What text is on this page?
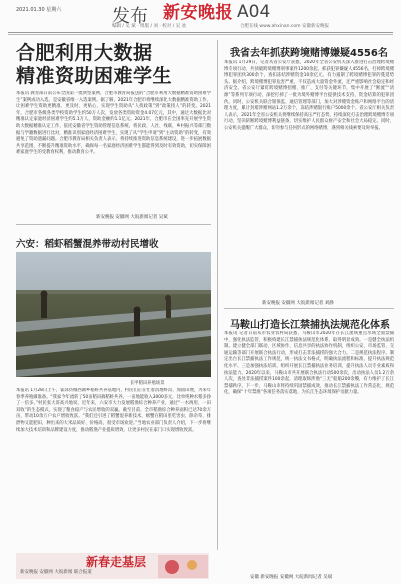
2021.01.30 星期六	发布 新安晚报 A04
编辑 / 吴 斌 · 组版 / 刘 · 校对 / 吴 欢	合肥在线 www.ahxinan.com 安徽新安晚报
合肥利用大数据
精准资助困难学生
本报讯 教育部日前公布全国第一批典型案例，合肥市教育局报送的“合肥市利用大数据精准资助困难学生”案例成功入选，是安徽省唯一入选案例。据了解，2021年合肥市将继续深化大数据精准资助工作，让困难学生资助更精准、更及时、更贴心，实现学生资助从“人找政策”到“政策找人”的转变。2021年，合肥市各级各类学校资助学生约50万人次，发放各类资助资金4.07亿元，其中，通过大数据比对精准认定家庭经济困难学生约5.1万人，资助金额约1.1亿元。2021年，合肥市在全国率先开展学生资助大数据精准认定工作，依托安徽省学生资助管理信息系统，将民政、人社、残联、乡村振兴等部门数据与学籍数据进行比对，精准识别家庭经济困难学生，实现了从“学生申请”到“主动资助”的转变，有效避免了资助遗漏问题。合肥市教育局相关负责人表示，将持续推进资助信息系统建设，进一步拓展数据共享范围，不断提升精准资助水平，确保每一名家庭经济困难学生都能得到及时有效资助，切实保障困难家庭学生的受教育权利，推动教育公平。
新安晚报 安徽网 大皖新闻记者 吴斌
六安：稻虾稻蟹混养带动村民增收
长甲稻田养殖场景
本报讯 1月28日上午，霍邱县城西湖乡稻虾共养基地内，村民们正在忙着清理虾沟、加固田埂，为来年春季养殖做准备。“我家今年流转了50亩稻田搞稻虾共养，一亩地能收入3000多元，比单纯种水稻多挣了一倍多。”村民张大哥高兴地说。近年来，六安市大力发展稻渔综合种养产业，通过“一水两用、一田双收”的生态模式，实现了粮食稳产与农民增收的双赢。截至目前，全市稻渔综合种养面积已达70余万亩，带动10余万户农户增收致富。“我们还引进了稻蟹混养新技术，螃蟹在稻田里吃害虫、除杂草，排泄物又能肥田，种出来的大米品质好、价格高，很受市场欢迎。”当地农业部门负责人介绍，下一步将继续加大技术培训和品牌建设力度，推动稻渔产业提质增效，让更多村民在家门口实现增收致富。
新春走基层
新安晚报 安徽网 大皖新闻 联合报道
我省去年抓获跨境赌博嫌疑4556名
本报讯 1月29日，记者从省公安厅获悉，2020年全省公安机关深入推进打击治理跨境赌博专项行动，共侦破跨境赌博刑事案件1200余起，抓获犯罪嫌疑人4556名，打掉跨境赌博犯罪团伙300余个，查扣冻结涉赌资金10余亿元，有力遏制了跨境赌博犯罪的蔓延势头。据介绍，跨境赌博犯罪危害严重，不仅造成大量资金外流，还严重影响社会稳定和经济安全。省公安厅紧盯跨境赌博招赌、推广、支付等关键环节，集中开展了“断流”“清源”等系列专项行动，深挖打掉了一批为境外赌博平台提供技术支持、资金结算的犯罪团伙。同时，公安机关联合银保监、通信管理等部门，加大对涉赌资金账户和网络平台的清理力度，累计封堵涉赌网站1.2万余个，冻结涉赌银行账户5000余个。省公安厅相关负责人表示，2021年全省公安机关将继续保持高压严打态势，持续深化打击治理跨境赌博专项行动，坚决斩断跨境赌博利益链条，切实维护人民群众财产安全和社会大局稳定。同时，公安机关提醒广大群众，切勿参与任何形式的网络赌博，遇到相关线索要及时举报。
新安晚报 安徽网 大皖新闻记者 刘静
马鞍山打造长江禁捕执法规范化体系
本报讯 记者日前从市农业农村局获悉，马鞍山市2020年在长江流域重点水域全面禁捕中，强化执法监管，积极构建长江禁捕执法规范化体系，取得明显成效。一是健全执法机制。建立健全部门联动、区域协作、信息共享的执法协作机制，组织公安、市场监管、交通运输等部门开展联合执法行动，形成打击非法捕捞的强大合力。二是规范执法程序。制定出台长江禁捕执法工作规范，统一执法文书格式，明确执法流程和标准，提升执法规范化水平。三是加强执法培训。组织开展长江禁捕执法业务培训，提升执法人员专业素质和执法能力。2020年以来，马鞍山市共开展联合执法行动500余次，出动执法人员1.2万余人次，查处非法捕捞案件100余起，清理取缔涉渔“三无”船舶200余艘，有力维护了长江禁捕秩序。下一步，马鞍山市将持续巩固禁捕成效，推动长江禁捕执法工作常态化、规范化，确保“十年禁渔”各项任务落实落地，为长江生态环境保护贡献力量。
安徽 新安晚报 安徽网 大皖新闻记者 吴斌
